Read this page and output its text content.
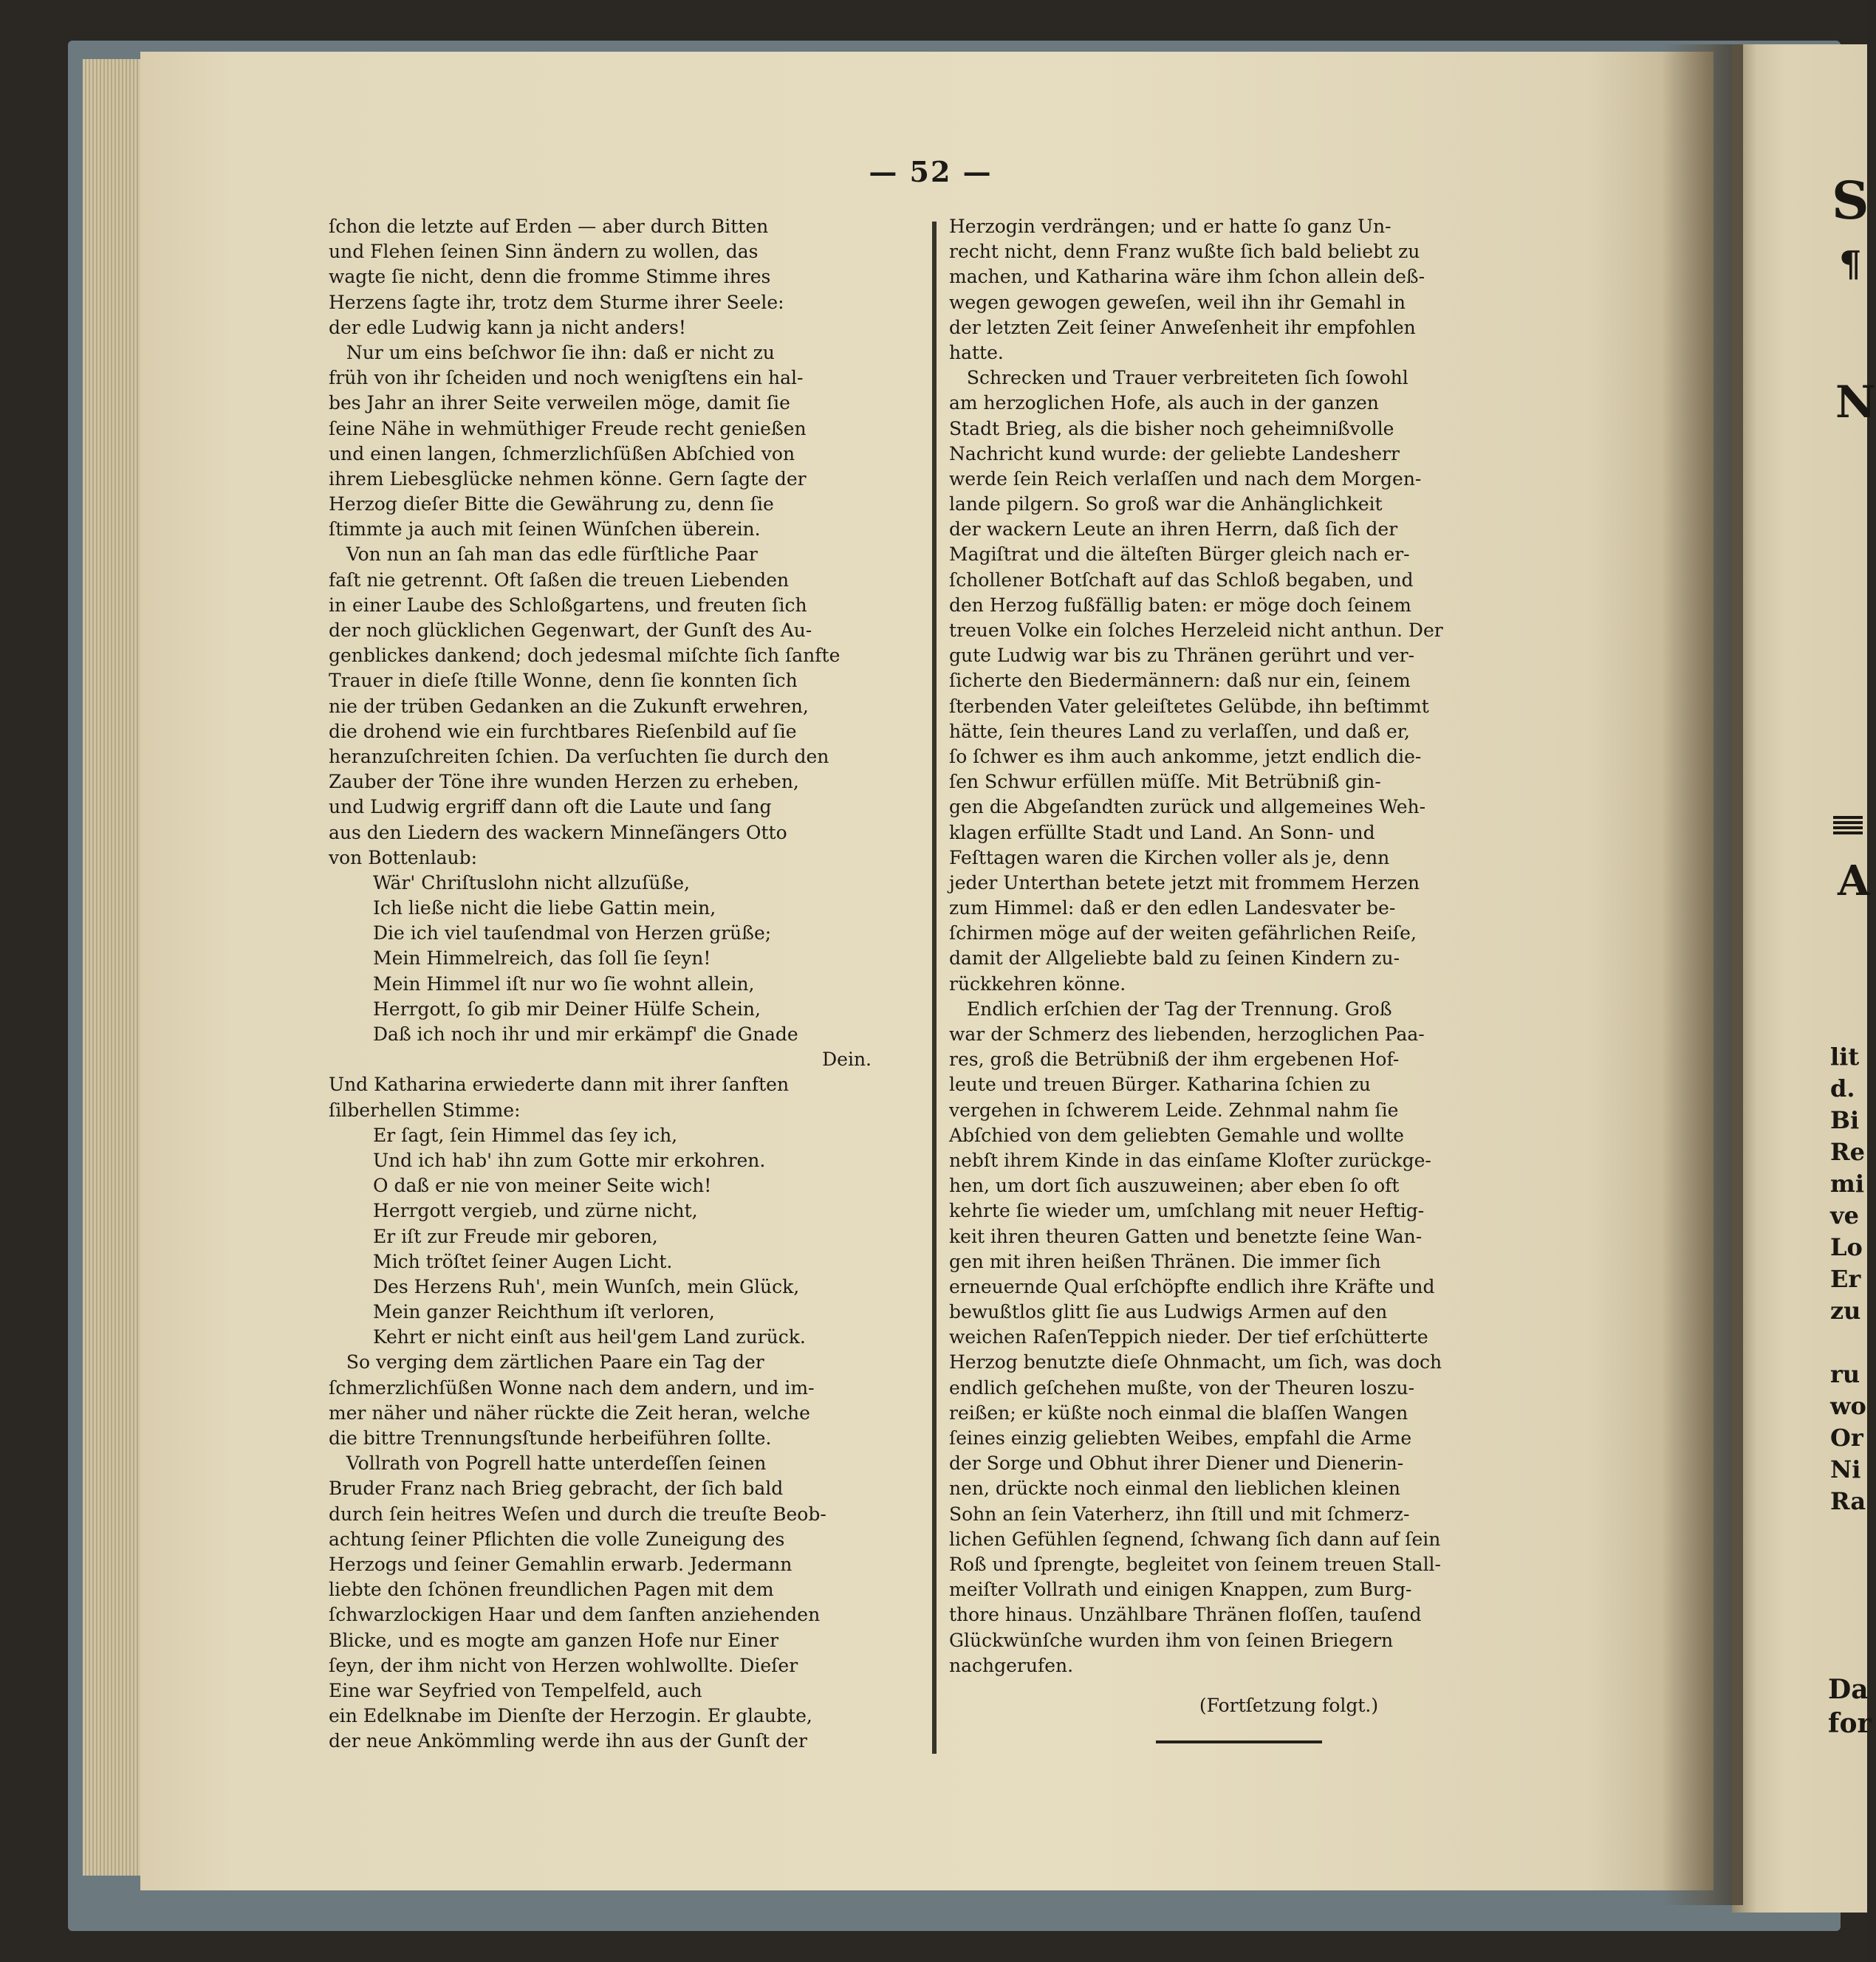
— 52 —
ſchon die letzte auf Erden — aber durch Bitten
und Flehen ſeinen Sinn ändern zu wollen, das
wagte ſie nicht, denn die fromme Stimme ihres
Herzens ſagte ihr, trotz dem Sturme ihrer Seele:
der edle Ludwig kann ja nicht anders!
Nur um eins beſchwor ſie ihn: daß er nicht zu
früh von ihr ſcheiden und noch wenigſtens ein hal-
bes Jahr an ihrer Seite verweilen möge, damit ſie
ſeine Nähe in wehmüthiger Freude recht genießen
und einen langen, ſchmerzlichſüßen Abſchied von
ihrem Liebesglücke nehmen könne. Gern ſagte der
Herzog dieſer Bitte die Gewährung zu, denn ſie
ſtimmte ja auch mit ſeinen Wünſchen überein.
Von nun an ſah man das edle fürſtliche Paar
faſt nie getrennt. Oft ſaßen die treuen Liebenden
in einer Laube des Schloßgartens, und freuten ſich
der noch glücklichen Gegenwart, der Gunſt des Au-
genblickes dankend; doch jedesmal miſchte ſich ſanfte
Trauer in dieſe ſtille Wonne, denn ſie konnten ſich
nie der trüben Gedanken an die Zukunft erwehren,
die drohend wie ein furchtbares Rieſenbild auf ſie
heranzuſchreiten ſchien. Da verſuchten ſie durch den
Zauber der Töne ihre wunden Herzen zu erheben,
und Ludwig ergriff dann oft die Laute und ſang
aus den Liedern des wackern Minneſängers Otto
von Bottenlaub:
Wär' Chriſtuslohn nicht allzuſüße,
Ich ließe nicht die liebe Gattin mein,
Die ich viel tauſendmal von Herzen grüße;
Mein Himmelreich, das ſoll ſie ſeyn!
Mein Himmel iſt nur wo ſie wohnt allein,
Herrgott, ſo gib mir Deiner Hülfe Schein,
Daß ich noch ihr und mir erkämpf' die Gnade
Dein.
Und Katharina erwiederte dann mit ihrer ſanften
ſilberhellen Stimme:
Er ſagt, ſein Himmel das ſey ich,
Und ich hab' ihn zum Gotte mir erkohren.
O daß er nie von meiner Seite wich!
Herrgott vergieb, und zürne nicht,
Er iſt zur Freude mir geboren,
Mich tröſtet ſeiner Augen Licht.
Des Herzens Ruh', mein Wunſch, mein Glück,
Mein ganzer Reichthum iſt verloren,
Kehrt er nicht einſt aus heil'gem Land zurück.
So verging dem zärtlichen Paare ein Tag der
ſchmerzlichſüßen Wonne nach dem andern, und im-
mer näher und näher rückte die Zeit heran, welche
die bittre Trennungsſtunde herbeiführen ſollte.
Vollrath von Pogrell hatte unterdeſſen ſeinen
Bruder Franz nach Brieg gebracht, der ſich bald
durch ſein heitres Weſen und durch die treuſte Beob-
achtung ſeiner Pflichten die volle Zuneigung des
Herzogs und ſeiner Gemahlin erwarb. Jedermann
liebte den ſchönen freundlichen Pagen mit dem
ſchwarzlockigen Haar und dem ſanften anziehenden
Blicke, und es mogte am ganzen Hofe nur Einer
ſeyn, der ihm nicht von Herzen wohlwollte. Dieſer
Eine war Seyfried von Tempelfeld, auch
ein Edelknabe im Dienſte der Herzogin. Er glaubte,
der neue Ankömmling werde ihn aus der Gunſt der
Herzogin verdrängen; und er hatte ſo ganz Un-
recht nicht, denn Franz wußte ſich bald beliebt zu
machen, und Katharina wäre ihm ſchon allein deß-
wegen gewogen geweſen, weil ihn ihr Gemahl in
der letzten Zeit ſeiner Anweſenheit ihr empfohlen
hatte.
Schrecken und Trauer verbreiteten ſich ſowohl
am herzoglichen Hofe, als auch in der ganzen
Stadt Brieg, als die bisher noch geheimnißvolle
Nachricht kund wurde: der geliebte Landesherr
werde ſein Reich verlaſſen und nach dem Morgen-
lande pilgern. So groß war die Anhänglichkeit
der wackern Leute an ihren Herrn, daß ſich der
Magiſtrat und die älteſten Bürger gleich nach er-
ſchollener Botſchaft auf das Schloß begaben, und
den Herzog fußfällig baten: er möge doch ſeinem
treuen Volke ein ſolches Herzeleid nicht anthun. Der
gute Ludwig war bis zu Thränen gerührt und ver-
ſicherte den Biedermännern: daß nur ein, ſeinem
ſterbenden Vater geleiſtetes Gelübde, ihn beſtimmt
hätte, ſein theures Land zu verlaſſen, und daß er,
ſo ſchwer es ihm auch ankomme, jetzt endlich die-
ſen Schwur erfüllen müſſe. Mit Betrübniß gin-
gen die Abgeſandten zurück und allgemeines Weh-
klagen erfüllte Stadt und Land. An Sonn- und
Feſttagen waren die Kirchen voller als je, denn
jeder Unterthan betete jetzt mit frommem Herzen
zum Himmel: daß er den edlen Landesvater be-
ſchirmen möge auf der weiten gefährlichen Reiſe,
damit der Allgeliebte bald zu ſeinen Kindern zu-
rückkehren könne.
Endlich erſchien der Tag der Trennung. Groß
war der Schmerz des liebenden, herzoglichen Paa-
res, groß die Betrübniß der ihm ergebenen Hof-
leute und treuen Bürger. Katharina ſchien zu
vergehen in ſchwerem Leide. Zehnmal nahm ſie
Abſchied von dem geliebten Gemahle und wollte
nebſt ihrem Kinde in das einſame Kloſter zurückge-
hen, um dort ſich auszuweinen; aber eben ſo oft
kehrte ſie wieder um, umſchlang mit neuer Heftig-
keit ihren theuren Gatten und benetzte ſeine Wan-
gen mit ihren heißen Thränen. Die immer ſich
erneuernde Qual erſchöpfte endlich ihre Kräfte und
bewußtlos glitt ſie aus Ludwigs Armen auf den
weichen RaſenTeppich nieder. Der tief erſchütterte
Herzog benutzte dieſe Ohnmacht, um ſich, was doch
endlich geſchehen mußte, von der Theuren loszu-
reißen; er küßte noch einmal die blaſſen Wangen
ſeines einzig geliebten Weibes, empfahl die Arme
der Sorge und Obhut ihrer Diener und Dienerin-
nen, drückte noch einmal den lieblichen kleinen
Sohn an ſein Vaterherz, ihn ſtill und mit ſchmerz-
lichen Gefühlen ſegnend, ſchwang ſich dann auf ſein
Roß und ſprengte, begleitet von ſeinem treuen Stall-
meiſter Vollrath und einigen Knappen, zum Burg-
thore hinaus. Unzählbare Thränen floſſen, tauſend
Glückwünſche wurden ihm von ſeinen Briegern
nachgerufen.
(Fortſetzung folgt.)
S
¶
N
A
lit
d.
Bi
Re
mi
ve
Lo
Er
zu
ru
wo
Or
Ni
Ra
Da
for
